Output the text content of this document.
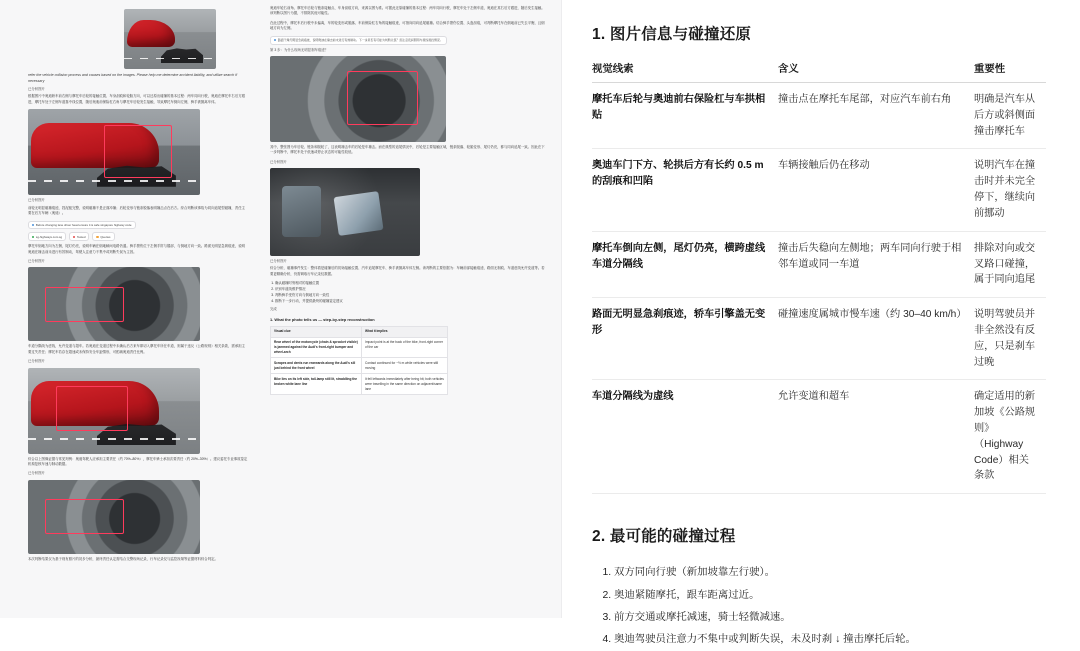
refer the vehicle collision process and causes based on the images. Please help me determine accident liability, and utilize search if necessary
已分析图片

根据图片中奥迪轿车前右侧与摩托车后轮的接触位置、车身刮痕和轮胎方向，可以还原出碰撞的基本过程：两车同向行驶，奥迪在摩托车右后方跟进，摩托车处于左侧车道靠中线位置，随后奥迪前保险杠右角与摩托车后轮发生接触，导致摩托车倒向左侧，骑手被抛离车体。

已分析图片

前轮无明显碰撞痕迹，挡泥板完整，说明碰撞不是正面冲撞；后轮变形与链条脱落表明撞击点在后方。综合判断该事故为同向追尾型碰撞，责任主要在后方车辆（奥迪）。

Before changing lane driver head ensure it is safe singapore highway code
sg-highways.com.sg	Tested	Queries

摩托车倒地方向为左侧，尾灯仍亮，说明车辆在倒地瞬间电路仍通。骑手擦伤位于左侧手肘与膝部，与倒地方向一致。路面无明显急刹痕迹，说明奥迪在撞击前未进行有效制动，驾驶人注意力不集中或判断失误为主因。

已分析图片

车道分隔线为虚线，允许变道与超车。若奥迪在变道过程中未确认后方来车即切入摩托车所在车道，则属于违反《公路规则》相关条款，需承担主要过失责任；摩托车若存在超速或未保持安全车距情形，可酌减奥迪责任比例。

已分析图片

综合以上图像证据与常见判例：奥迪驾驶人应承担主要责任（约 70%–80%），摩托车骑士承担次要责任（约 20%–30%）。建议委托专业事故鉴定机构复核车速与制动数据。

已分析图片

本次判断结果仅为基于现有照片的初步分析，最终责任认定需结合交警现场记录、行车记录仪与监控视频等证据材料综合判定。

奥迪车轮右前角、摩托车后轮与链条接触点、车身刮痕方向，来源以图为准。可据此还原碰撞的基本过程：两车同向行驶，摩托车处于左侧车道，奥迪在其右后方跟进，随后发生接触。该判断以图片为据，不排除其他可能性。

在此过程中，摩托车后行驶中未偏离，车的轮变形或脱落、车前保险杠右角的接触痕迹，可指向同向追尾碰撞。结合骑手擦伤位置、头盔刮痕，可判断摩托车在倒地前已失去平衡，且倒地方向为左侧。

路面干燥无明显急刹痕迹，说明奥迪在撞击前未进行有效制动。下一步是否有可能为判断失误？需注意夜间照明与视线遮挡情况。
第 3 步：为什么现场无明显刹车痕迹？

其中，整张图为车后轮、链条和脱轮了，这表明撞击车的后轮是车撞击。而在典型的追尾情况中，后轮是主要接触区域，链条脱落、轮胎变形、尾灯仍亮，都与同向追尾一致。因此在下一步判断中，摩托车处于低速或停止状态的可能性较低。

已分析图片
已分析图片

综合分析，碰撞事件发生：整体看是碰撞后的初始接触位置、汽车追尾摩托车、骑手被抛离车体左侧。该判断的主要依据为：车辆前部接触痕迹、路面无刹痕、车道虚线允许变道等。若要更精确分析，仍需调取行车记录仪数据。

1. 确认碰撞时刻相对的接触位置
2. 识别车道线维护情况
3. 判断骑手受伤方向与倒地方向一致性
4. 推断下一步行动，并提供最终的碰撞鉴定建议
完成
1. What the photo tells us — step-by-step reconstruction
Visual clue	What it implies
Rear wheel of the motorcycle (chain & sprocket visible) is jammed against the Audi's front-right bumper and wheel-arch	Impact point is at the back of the bike, front-right corner of the car
Scrapes and dents run rearwards along the Audi's sill just behind the front wheel	Contact continued for ~½ m while vehicles were still moving
Bike lies on its left side, tail-lamp still lit, straddling the broken white lane line	It fell leftwards immediately after being hit; both vehicles were travelling in the same direction on adjacent/same lane
1. 图片信息与碰撞还原
视觉线索	含义	重要性
摩托车后轮与奥迪前右保险杠与车拱相贴	撞击点在摩托车尾部，对应汽车前右角	明确是汽车从后方或斜侧面撞击摩托车
奥迪车门下方、轮拱后方有长约 0.5 m 的刮痕和凹陷	车辆接触后仍在移动	说明汽车在撞击时并未完全停下，继续向前挪动
摩托车倒向左侧，尾灯仍亮，横跨虚线车道分隔线	撞击后失稳向左侧地；两车同向行驶于相邻车道或同一车道	排除对向或交叉路口碰撞，属于同向追尾
路面无明显急刹痕迹，轿车引擎盖无变形	碰撞速度属城市慢车速（约 30–40 km/h）	说明驾驶员并非全然没有反应，只是刹车过晚
车道分隔线为虚线	允许变道和超车	确定适用的新加坡《公路规则》（Highway Code）相关条款
2. 最可能的碰撞过程
1. 双方同向行驶（新加坡靠左行驶）。
2. 奥迪紧随摩托，跟车距离过近。
3. 前方交通或摩托减速，骑士轻微减速。
4. 奥迪驾驶员注意力不集中或判断失误，未及时刹 ↓ 撞击摩托后轮。
